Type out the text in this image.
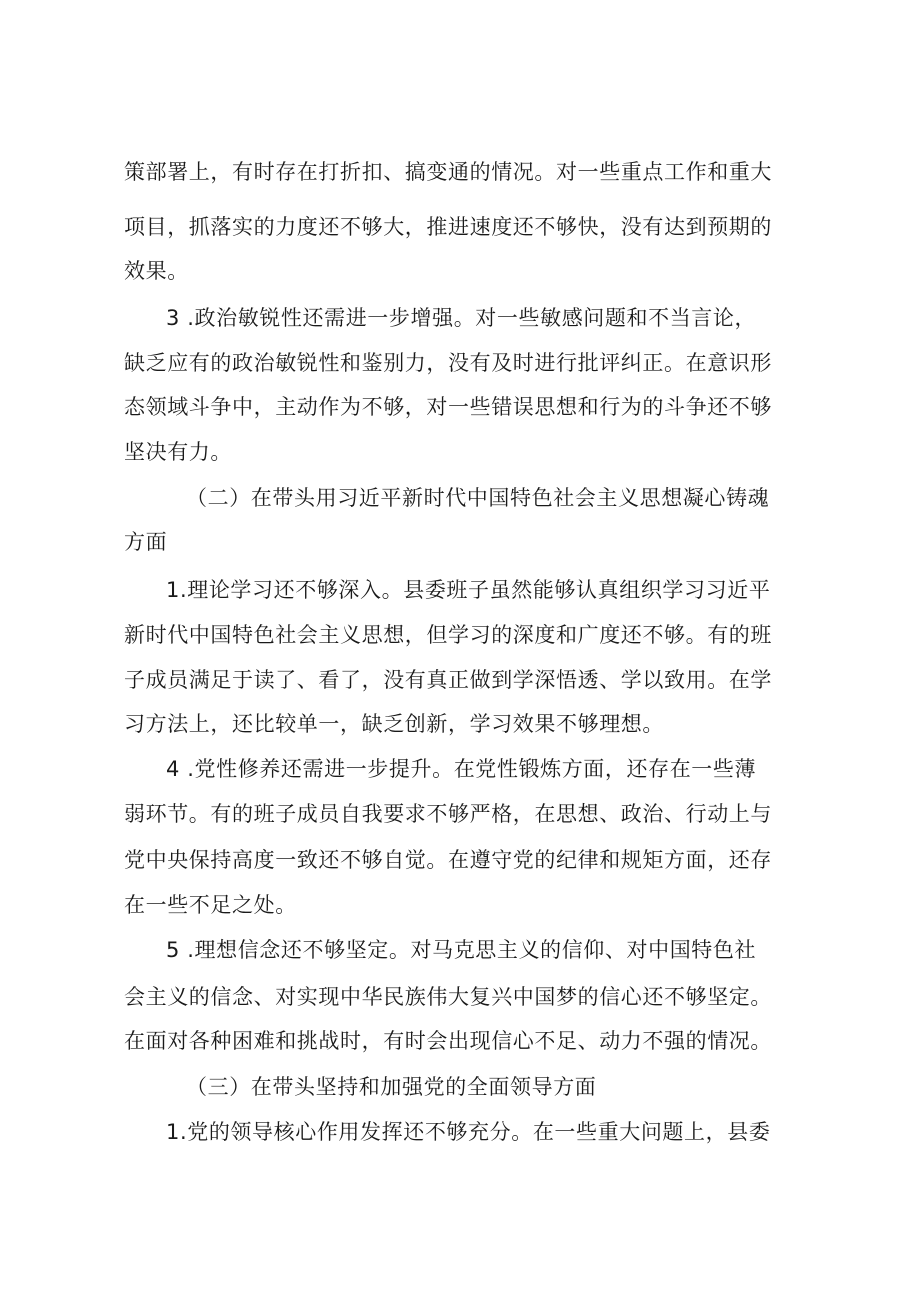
策部署上，有时存在打折扣、搞变通的情况。对一些重点工作和重大
项目，抓落实的力度还不够大，推进速度还不够快，没有达到预期的
效果。
3 .政治敏锐性还需进一步增强。对一些敏感问题和不当言论，
缺乏应有的政治敏锐性和鉴别力，没有及时进行批评纠正。在意识形
态领域斗争中，主动作为不够，对一些错误思想和行为的斗争还不够
坚决有力。
（二）在带头用习近平新时代中国特色社会主义思想凝心铸魂
方面
1.理论学习还不够深入。县委班子虽然能够认真组织学习习近平
新时代中国特色社会主义思想，但学习的深度和广度还不够。有的班
子成员满足于读了、看了，没有真正做到学深悟透、学以致用。在学
习方法上，还比较单一，缺乏创新，学习效果不够理想。
4 .党性修养还需进一步提升。在党性锻炼方面，还存在一些薄
弱环节。有的班子成员自我要求不够严格，在思想、政治、行动上与
党中央保持高度一致还不够自觉。在遵守党的纪律和规矩方面，还存
在一些不足之处。
5 .理想信念还不够坚定。对马克思主义的信仰、对中国特色社
会主义的信念、对实现中华民族伟大复兴中国梦的信心还不够坚定。
在面对各种困难和挑战时，有时会出现信心不足、动力不强的情况。
（三）在带头坚持和加强党的全面领导方面
1.党的领导核心作用发挥还不够充分。在一些重大问题上，县委
